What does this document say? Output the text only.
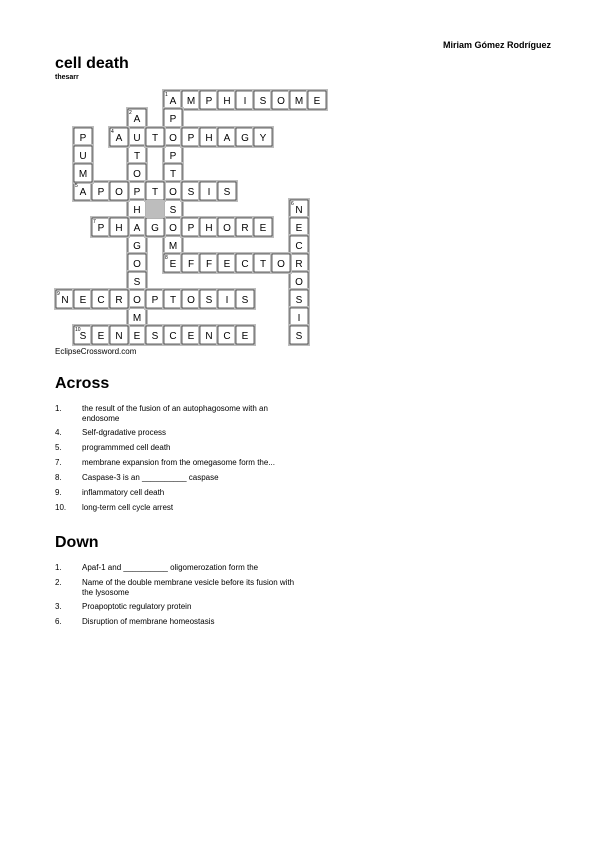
Miriam Gómez Rodríguez
cell death
thesarr
A
1
M P H I S O M E
A
2
U
T
O
P
H
A
G
O
S
O
M
E
P
O
P
T
O
S
O
M
E
8
A
4
T	P H A G Y
A
5
P O	T	S I S
N
6
E
C
R
O
S
I
S
P
7
H	G	P H O R E
F F E C T O
N
9
E C R	P T O S I S
S
10
E N	S C E N C E
P
U
M
EclipseCrossword.com
Across
1.	the result of the fusion of an autophagosome with an endosome
4.	Self-dgradative process
5.	programmmed cell death
7.	membrane expansion from the omegasome form the...
8.	Caspase-3 is an __________ caspase
9.	inflammatory cell death
10. long-term cell cycle arrest
Down
1.	Apaf-1 and __________ oligomerozation form the
2.	Name of the double membrane vesicle before its fusion with the lysosome
3.	Proapoptotic regulatory protein
6.	Disruption of membrane homeostasis
